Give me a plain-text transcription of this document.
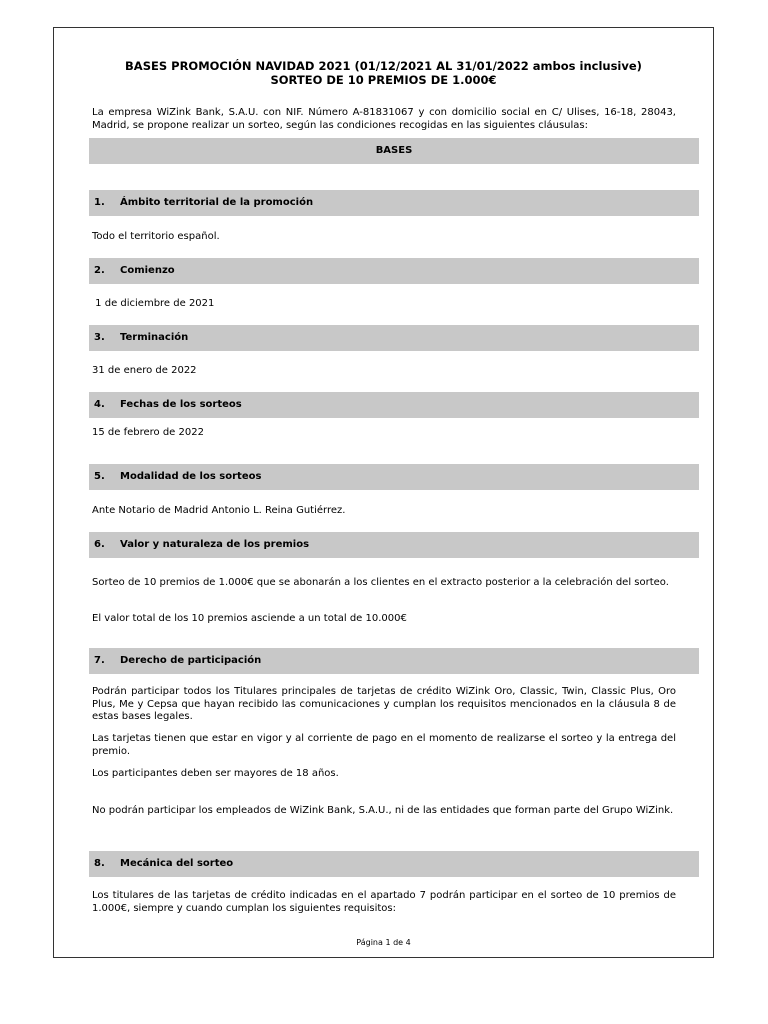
BASES PROMOCIÓN NAVIDAD 2021 (01/12/2021 AL 31/01/2022 ambos inclusive)
SORTEO DE 10 PREMIOS DE 1.000€
La empresa WiZink Bank, S.A.U. con NIF. Número A-81831067 y con domicilio social en C/ Ulises, 16-18, 28043, Madrid, se propone realizar un sorteo, según las condiciones recogidas en las siguientes cláusulas:
BASES
1. Ámbito territorial de la promoción
Todo el territorio español.
2. Comienzo
1 de diciembre de 2021
3. Terminación
31 de enero de 2022
4. Fechas de los sorteos
15 de febrero de 2022
5. Modalidad de los sorteos
Ante Notario de Madrid Antonio L. Reina Gutiérrez.
6. Valor y naturaleza de los premios
Sorteo de 10 premios de 1.000€ que se abonarán a los clientes en el extracto posterior a la celebración del sorteo.
El valor total de los 10 premios asciende a un total de 10.000€
7. Derecho de participación
Podrán participar todos los Titulares principales de tarjetas de crédito WiZink Oro, Classic, Twin, Classic Plus, Oro Plus, Me y Cepsa que hayan recibido las comunicaciones y cumplan los requisitos mencionados en la cláusula 8 de estas bases legales.
Las tarjetas tienen que estar en vigor y al corriente de pago en el momento de realizarse el sorteo y la entrega del premio.
Los participantes deben ser mayores de 18 años.
No podrán participar los empleados de WiZink Bank, S.A.U., ni de las entidades que forman parte del Grupo WiZink.
8. Mecánica del sorteo
Los titulares de las tarjetas de crédito indicadas en el apartado 7 podrán participar en el sorteo de 10 premios de 1.000€, siempre y cuando cumplan los siguientes requisitos:
Página 1 de 4
